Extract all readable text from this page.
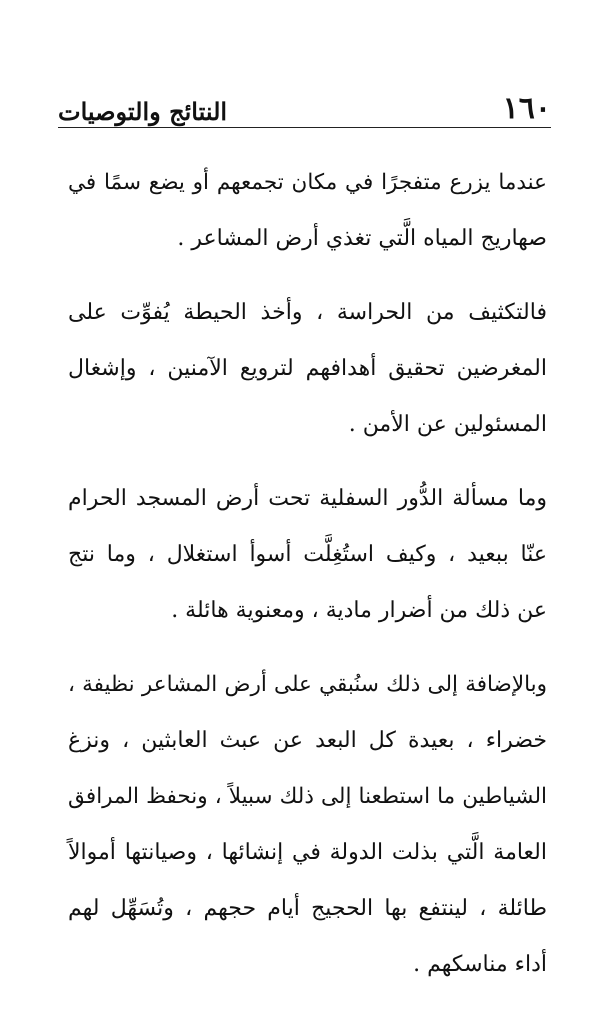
١٦٠
النتائج والتوصيات
عندما يزرع متفجرًا في مكان تجمعهم أو يضع سمًا في
صهاريج المياه الَّتي تغذي أرض المشاعر .
فالتكثيف من الحراسة ، وأخذ الحيطة يُفوِّت على
المغرضين تحقيق أهدافهم لترويع الآمنين ، وإشغال
المسئولين عن الأمن .
وما مسألة الدُّور السفلية تحت أرض المسجد الحرام
عنّا ببعيد ، وكيف استُغِلَّت أسوأ استغلال ، وما نتج
عن ذلك من أضرار مادية ، ومعنوية هائلة .
وبالإضافة إلى ذلك سنُبقي على أرض المشاعر نظيفة ،
خضراء ، بعيدة كل البعد عن عبث العابثين ، ونزغ
الشياطين ما استطعنا إلى ذلك سبيلاً ، ونحفظ المرافق
العامة الَّتي بذلت الدولة في إنشائها ، وصيانتها أموالاً
طائلة ، لينتفع بها الحجيج أيام حجهم ، وتُسَهِّل لهم
أداء مناسكهم .
